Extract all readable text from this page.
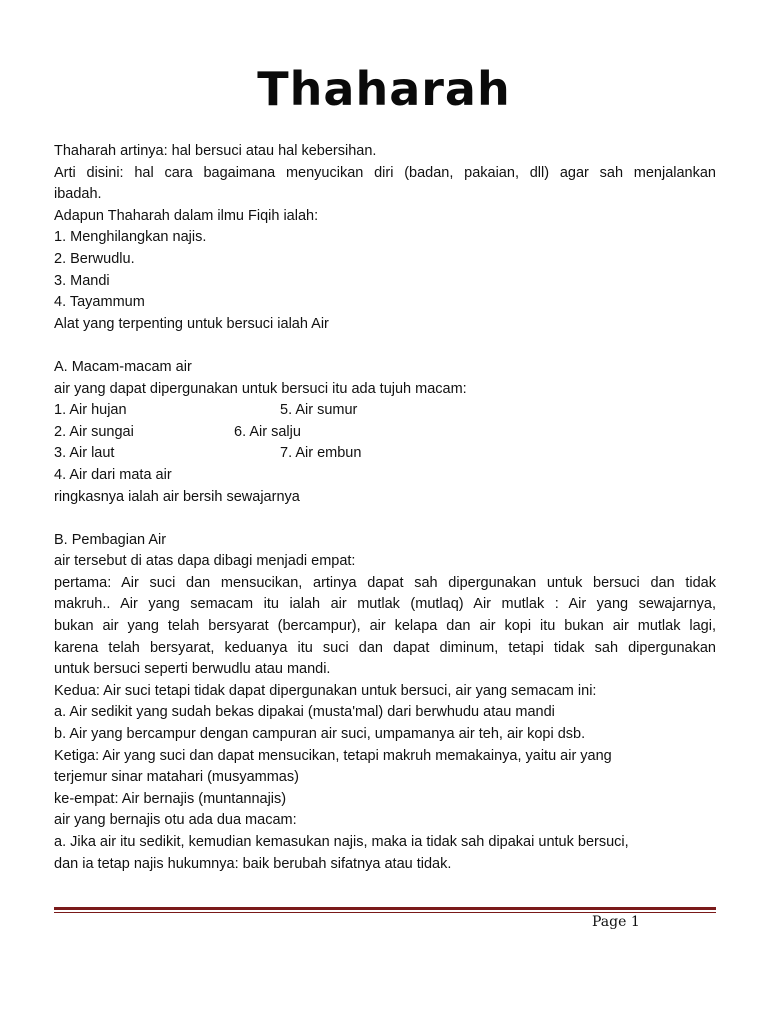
Thaharah
Thaharah artinya: hal bersuci atau hal kebersihan.
Arti disini: hal cara bagaimana menyucikan diri (badan, pakaian, dll) agar sah menjalankan
ibadah.
Adapun Thaharah dalam ilmu Fiqih ialah:
1. Menghilangkan najis.
2. Berwudlu.
3. Mandi
4. Tayammum
Alat yang terpenting untuk bersuci ialah Air
A. Macam-macam air
air yang dapat dipergunakan untuk bersuci itu ada tujuh macam:
1. Air hujan	5. Air sumur
2. Air sungai	6. Air salju
3. Air laut	7. Air embun
4. Air dari mata air
ringkasnya ialah air bersih sewajarnya
B. Pembagian Air
air tersebut di atas dapa dibagi menjadi empat:
pertama: Air suci dan mensucikan, artinya dapat sah dipergunakan untuk bersuci dan tidak
makruh.. Air yang semacam itu ialah air mutlak (mutlaq) Air mutlak : Air yang sewajarnya,
bukan air yang telah bersyarat (bercampur), air kelapa dan air kopi itu bukan air mutlak lagi,
karena telah bersyarat, keduanya itu suci dan dapat diminum, tetapi tidak sah dipergunakan
untuk bersuci seperti berwudlu atau mandi.
Kedua: Air suci tetapi tidak dapat dipergunakan untuk bersuci, air yang semacam ini:
a. Air sedikit yang sudah bekas dipakai (musta'mal) dari berwhudu atau mandi
b. Air yang bercampur dengan campuran air suci, umpamanya air teh, air kopi dsb.
Ketiga: Air yang suci dan dapat mensucikan, tetapi makruh memakainya, yaitu air yang
terjemur sinar matahari (musyammas)
ke-empat: Air bernajis (muntannajis)
air yang bernajis otu ada dua macam:
a. Jika air itu sedikit, kemudian kemasukan najis, maka ia tidak sah dipakai untuk bersuci,
dan ia tetap najis hukumnya: baik berubah sifatnya atau tidak.
Page 1
